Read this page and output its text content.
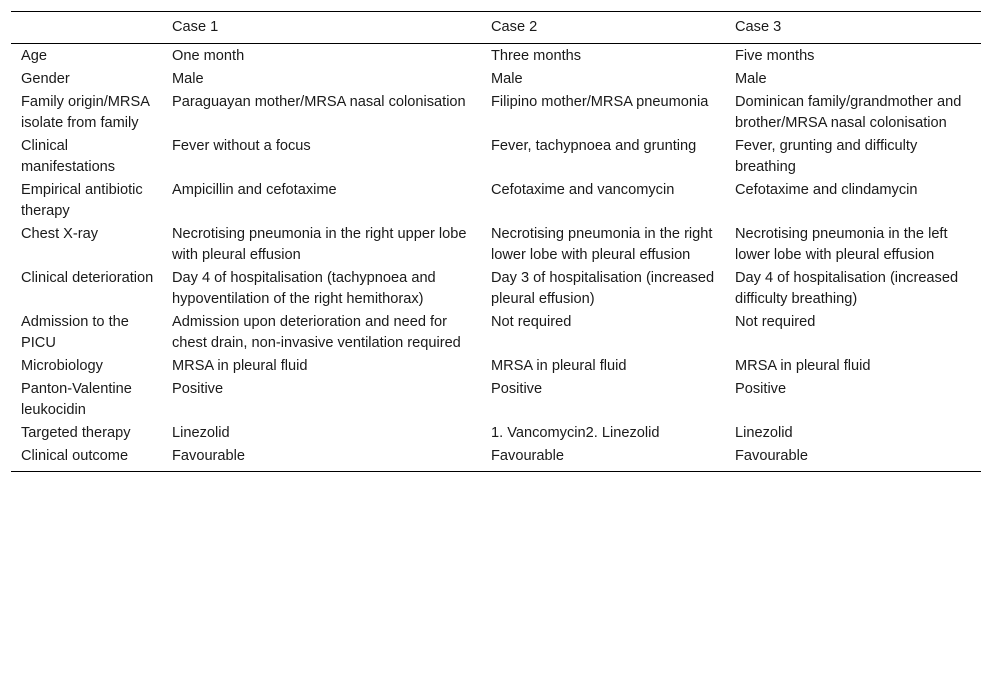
	Case 1	Case 2	Case 3
Age	One month	Three months	Five months
Gender	Male	Male	Male
Family origin/MRSA isolate from family	Paraguayan mother/MRSA nasal colonisation	Filipino mother/MRSA pneumonia	Dominican family/grandmother and brother/MRSA nasal colonisation
Clinical manifestations	Fever without a focus	Fever, tachypnoea and grunting	Fever, grunting and difficulty breathing
Empirical antibiotic therapy	Ampicillin and cefotaxime	Cefotaxime and vancomycin	Cefotaxime and clindamycin
Chest X-ray	Necrotising pneumonia in the right upper lobe with pleural effusion	Necrotising pneumonia in the right lower lobe with pleural effusion	Necrotising pneumonia in the left lower lobe with pleural effusion
Clinical deterioration	Day 4 of hospitalisation (tachypnoea and hypoventilation of the right hemithorax)	Day 3 of hospitalisation (increased pleural effusion)	Day 4 of hospitalisation (increased difficulty breathing)
Admission to the PICU	Admission upon deterioration and need for chest drain, non-invasive ventilation required	Not required	Not required
Microbiology	MRSA in pleural fluid	MRSA in pleural fluid	MRSA in pleural fluid
Panton-Valentine leukocidin	Positive	Positive	Positive
Targeted therapy	Linezolid	1. Vancomycin2. Linezolid	Linezolid
Clinical outcome	Favourable	Favourable	Favourable
